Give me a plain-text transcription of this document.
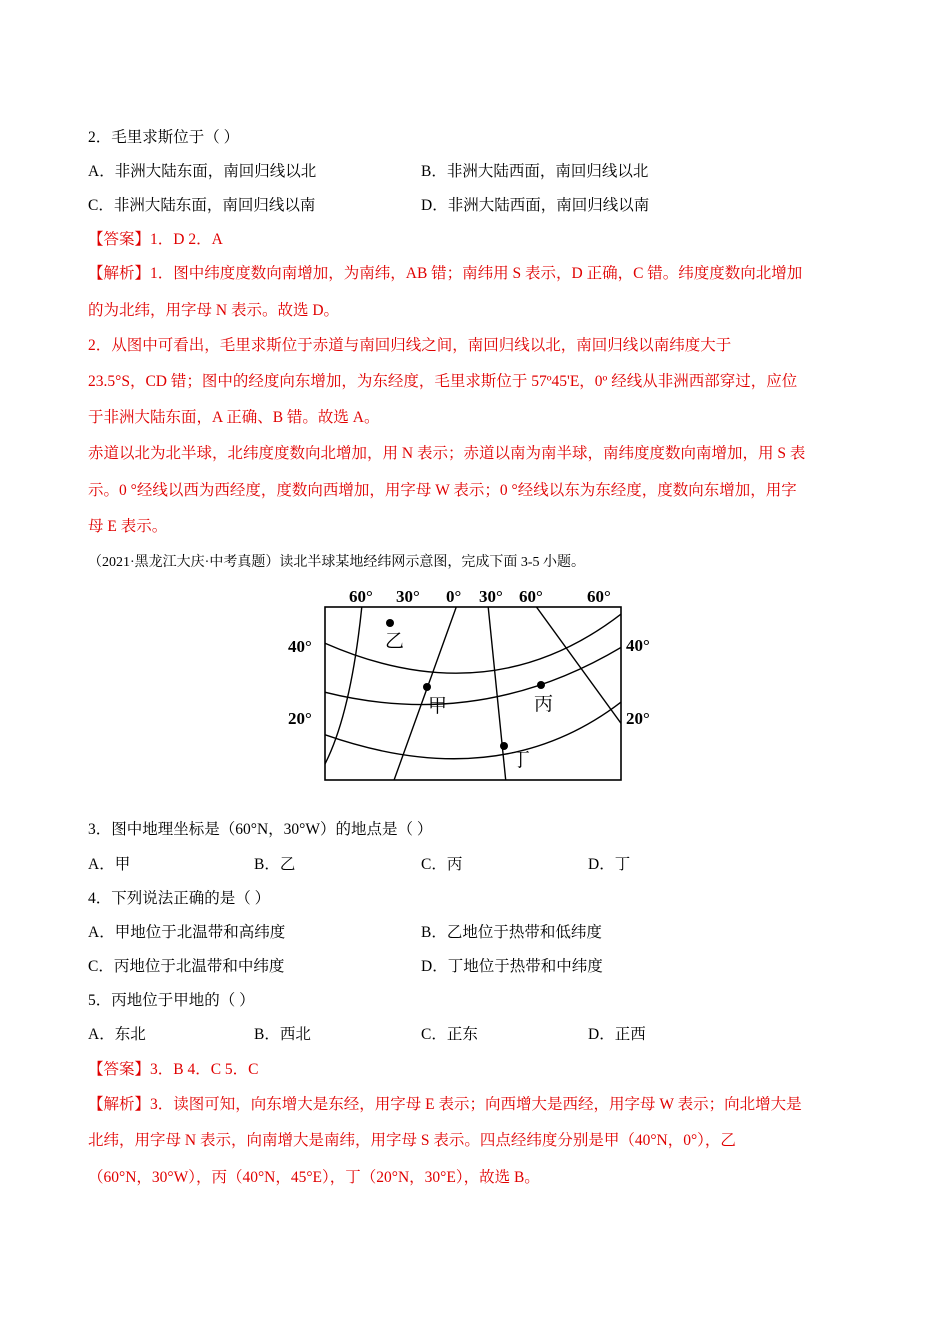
2．毛里求斯位于（ ）
A．非洲大陆东面，南回归线以北	B．非洲大陆西面，南回归线以北
C．非洲大陆东面，南回归线以南	D．非洲大陆西面，南回归线以南
【答案】1．D 2．A
【解析】1．图中纬度度数向南增加，为南纬，AB 错；南纬用 S 表示，D 正确，C 错。纬度度数向北增加
的为北纬，用字母 N 表示。故选 D。
2．从图中可看出，毛里求斯位于赤道与南回归线之间，南回归线以北，南回归线以南纬度大于
23.5°S，CD 错；图中的经度向东增加，为东经度，毛里求斯位于 57º45'E，0º 经线从非洲西部穿过，应位
于非洲大陆东面，A 正确、B 错。故选 A。
赤道以北为北半球，北纬度度数向北增加，用 N 表示；赤道以南为南半球，南纬度度数向南增加，用 S 表
示。0 °经线以西为西经度，度数向西增加，用字母 W 表示；0 °经线以东为东经度，度数向东增加，用字
母 E 表示。
（2021·黑龙江大庆·中考真题）读北半球某地经纬网示意图，完成下面 3-5 小题。
乙
甲	丙
丁
60° 30° 0° 30° 60°	60°
40°
20°
40°
20°
3．图中地理坐标是（60°N，30°W）的地点是（ ）
A．甲	B．乙	C．丙	D．丁
4．下列说法正确的是（ ）
A．甲地位于北温带和高纬度	B．乙地位于热带和低纬度
C．丙地位于北温带和中纬度	D．丁地位于热带和中纬度
5．丙地位于甲地的（ ）
A．东北	B．西北	C．正东	D．正西
【答案】3．B 4．C 5．C
【解析】3．读图可知，向东增大是东经，用字母 E 表示；向西增大是西经，用字母 W 表示；向北增大是
北纬，用字母 N 表示，向南增大是南纬，用字母 S 表示。四点经纬度分别是甲（40°N，0°），乙
（60°N，30°W），丙（40°N，45°E），丁（20°N，30°E），故选 B。
